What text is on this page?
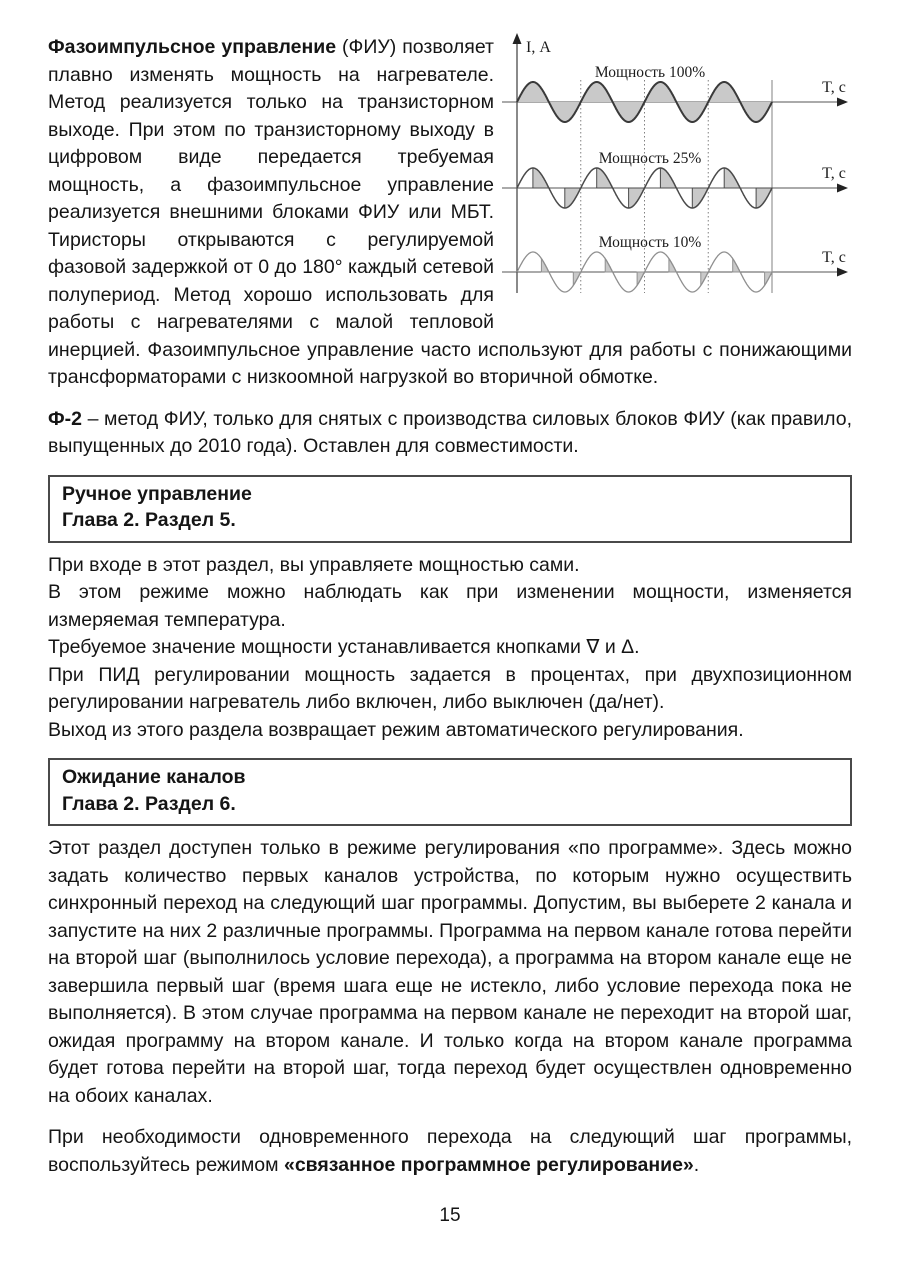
I, А
T, с
Мощность 100%
T, с
Мощность 25%
T, с
Мощность 10%
Фазоимпульсное управление (ФИУ) позволяет плавно изменять мощность на нагревателе. Метод реализуется только на транзисторном выходе. При этом по транзисторному выходу в цифровом виде передается требуемая мощность, а фазоимпульсное управление реализуется внешними блоками ФИУ или МБТ. Тиристоры открываются с регулируемой фазовой задержкой от 0 до 180° каждый сетевой полупериод. Метод хорошо использовать для работы с нагревателями с малой тепловой инерцией. Фазоимпульсное управление часто используют для работы с понижающими трансформаторами с низкоомной нагрузкой во вторичной обмотке.

Ф-2 – метод ФИУ, только для снятых с производства силовых блоков ФИУ (как правило, выпущенных до 2010 года). Оставлен для совместимости.

Ручное управление
Глава 2. Раздел 5.

При входе в этот раздел, вы управляете мощностью сами.

В этом режиме можно наблюдать как при изменении мощности, изменяется измеряемая температура.

Требуемое значение мощности устанавливается кнопками ∇ и Δ.

При ПИД регулировании мощность задается в процентах, при двухпозиционном регулировании нагреватель либо включен, либо выключен (да/нет).

Выход из этого раздела возвращает режим автоматического регулирования.

Ожидание каналов
Глава 2. Раздел 6.

Этот раздел доступен только в режиме регулирования «по программе». Здесь можно задать количество первых каналов устройства, по которым нужно осуществить синхронный переход на следующий шаг программы. Допустим, вы выберете 2 канала и запустите на них 2 различные программы. Программа на первом канале готова перейти на второй шаг (выполнилось условие перехода), а программа на втором канале еще не завершила первый шаг (время шага еще не истекло, либо условие перехода пока не выполняется). В этом случае программа на первом канале не переходит на второй шаг, ожидая программу на втором канале. И только когда на втором канале программа будет готова перейти на второй шаг, тогда переход будет осуществлен одновременно на обоих каналах.

При необходимости одновременного перехода на следующий шаг программы, воспользуйтесь режимом «связанное программное регулирование».

15
